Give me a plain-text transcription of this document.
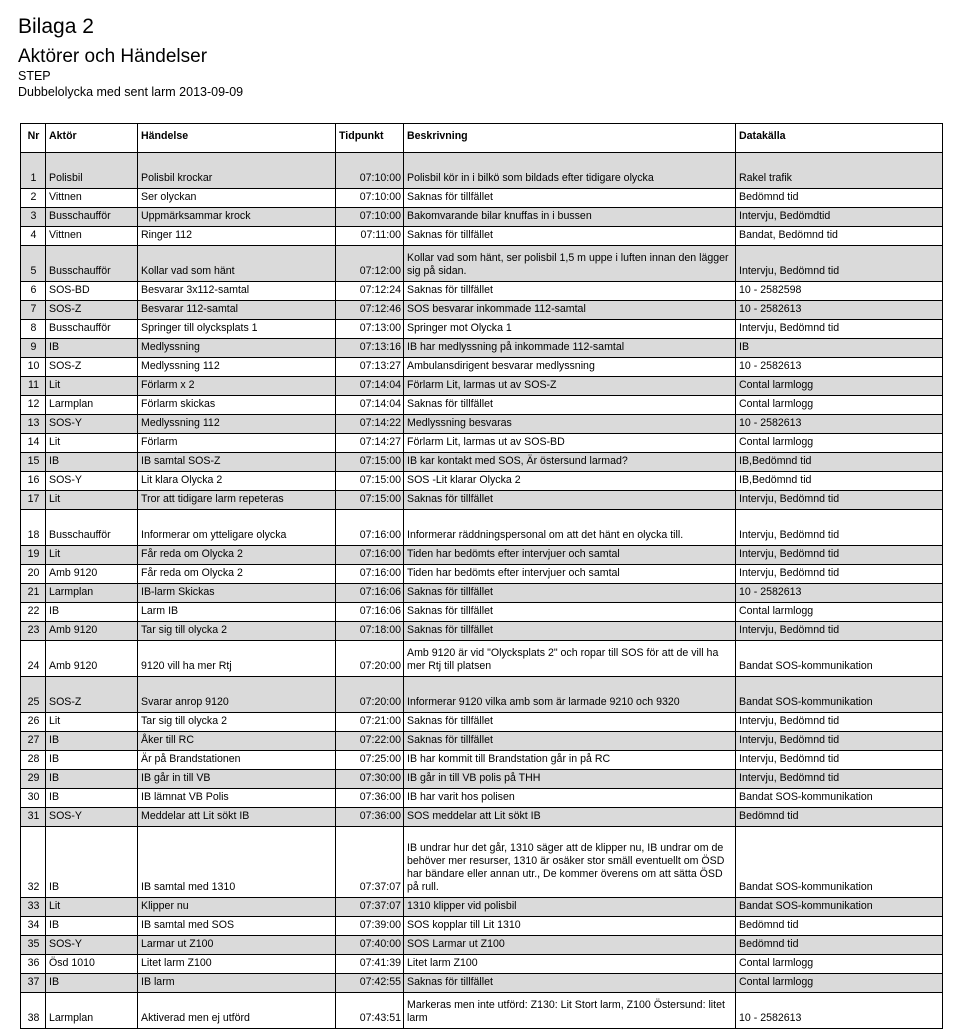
Bilaga 2
Aktörer och Händelser
STEP
Dubbelolycka med sent larm 2013-09-09
Nr	Aktör	Händelse	Tidpunkt	Beskrivning	Datakälla
1	Polisbil	Polisbil krockar	07:10:00	Polisbil kör in i bilkö som bildads efter tidigare olycka	Rakel trafik
2	Vittnen	Ser olyckan	07:10:00	Saknas för tillfället	Bedömnd tid
3	Busschaufför	Uppmärksammar krock	07:10:00	Bakomvarande bilar knuffas in i bussen	Intervju, Bedömdtid
4	Vittnen	Ringer 112	07:11:00	Saknas för tillfället	Bandat, Bedömnd tid
5	Busschaufför	Kollar vad som hänt	07:12:00	Kollar vad som hänt, ser polisbil 1,5 m uppe i luften innan den lägger sig på sidan.	Intervju, Bedömnd tid
6	SOS-BD	Besvarar 3x112-samtal	07:12:24	Saknas för tillfället	10 - 2582598
7	SOS-Z	Besvarar 112-samtal	07:12:46	SOS besvarar inkommade 112-samtal	10 - 2582613
8	Busschaufför	Springer till olycksplats 1	07:13:00	Springer mot Olycka 1	Intervju, Bedömnd tid
9	IB	Medlyssning	07:13:16	IB har medlyssning på inkommade 112-samtal	IB
10	SOS-Z	Medlyssning 112	07:13:27	Ambulansdirigent besvarar medlyssning	10 - 2582613
11	Lit	Förlarm x 2	07:14:04	Förlarm Lit, larmas ut av SOS-Z	Contal larmlogg
12	Larmplan	Förlarm skickas	07:14:04	Saknas för tillfället	Contal larmlogg
13	SOS-Y	Medlyssning 112	07:14:22	Medlyssning besvaras	10 - 2582613
14	Lit	Förlarm	07:14:27	Förlarm Lit, larmas ut av SOS-BD	Contal larmlogg
15	IB	IB samtal SOS-Z	07:15:00	IB kar kontakt med SOS, Är östersund larmad?	IB,Bedömnd tid
16	SOS-Y	Lit klara Olycka 2	07:15:00	SOS -Lit klarar Olycka 2	IB,Bedömnd tid
17	Lit	Tror att tidigare larm repeteras	07:15:00	Saknas för tillfället	Intervju, Bedömnd tid
18	Busschaufför	Informerar om ytteligare olycka	07:16:00	Informerar räddningspersonal om att det hänt en olycka till.	Intervju, Bedömnd tid
19	Lit	Får reda om Olycka 2	07:16:00	Tiden har bedömts efter intervjuer och samtal	Intervju, Bedömnd tid
20	Amb 9120	Får reda om Olycka 2	07:16:00	Tiden har bedömts efter intervjuer och samtal	Intervju, Bedömnd tid
21	Larmplan	IB-larm Skickas	07:16:06	Saknas för tillfället	10 - 2582613
22	IB	Larm IB	07:16:06	Saknas för tillfället	Contal larmlogg
23	Amb 9120	Tar sig till olycka 2	07:18:00	Saknas för tillfället	Intervju, Bedömnd tid
24	Amb 9120	9120 vill ha mer Rtj	07:20:00	Amb 9120 är vid "Olycksplats 2" och ropar till SOS för att de vill ha mer Rtj till platsen	Bandat SOS-kommunikation
25	SOS-Z	Svarar anrop 9120	07:20:00	Informerar 9120 vilka amb som är larmade 9210 och 9320	Bandat SOS-kommunikation
26	Lit	Tar sig till olycka 2	07:21:00	Saknas för tillfället	Intervju, Bedömnd tid
27	IB	Åker till RC	07:22:00	Saknas för tillfället	Intervju, Bedömnd tid
28	IB	Är på Brandstationen	07:25:00	IB har kommit till Brandstation går in på RC	Intervju, Bedömnd tid
29	IB	IB går in till VB	07:30:00	IB går in till VB polis på THH	Intervju, Bedömnd tid
30	IB	IB lämnat VB Polis	07:36:00	IB har varit hos polisen	Bandat SOS-kommunikation
31	SOS-Y	Meddelar att Lit sökt IB	07:36:00	SOS meddelar att Lit sökt IB	Bedömnd tid
32	IB	IB samtal med 1310	07:37:07	IB undrar hur det går, 1310 säger att de klipper nu, IB undrar om de behöver mer resurser, 1310 är osäker stor smäll eventuellt om ÖSD har bändare eller annan utr., De kommer överens om att sätta ÖSD på rull.	Bandat SOS-kommunikation
33	Lit	Klipper nu	07:37:07	1310 klipper vid polisbil	Bandat SOS-kommunikation
34	IB	IB samtal med SOS	07:39:00	SOS kopplar till Lit 1310	Bedömnd tid
35	SOS-Y	Larmar ut Z100	07:40:00	SOS Larmar ut Z100	Bedömnd tid
36	Ösd 1010	Litet larm Z100	07:41:39	Litet larm Z100	Contal larmlogg
37	IB	IB larm	07:42:55	Saknas för tillfället	Contal larmlogg
38	Larmplan	Aktiverad men ej utförd	07:43:51	Markeras men inte utförd: Z130: Lit Stort larm, Z100 Östersund: litet larm	10 - 2582613
